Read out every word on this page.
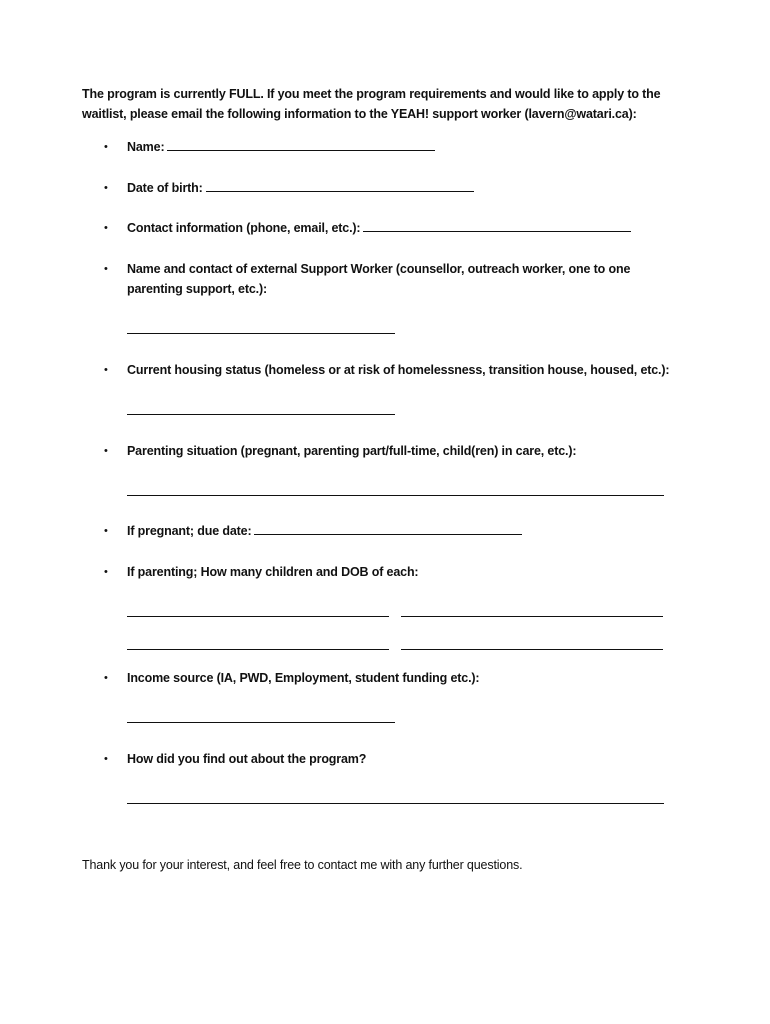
The program is currently FULL. If you meet the program requirements and would like to apply to the waitlist, please email the following information to the YEAH! support worker (lavern@watari.ca):
• Name:
• Date of birth:
• Contact information (phone, email, etc.):
• Name and contact of external Support Worker (counsellor, outreach worker, one to one parenting support, etc.):
• Current housing status (homeless or at risk of homelessness, transition house, housed, etc.):
• Parenting situation (pregnant, parenting part/full-time, child(ren) in care, etc.):
• If pregnant; due date:
• If parenting; How many children and DOB of each:
• Income source (IA, PWD, Employment, student funding etc.):
• How did you find out about the program?
Thank you for your interest, and feel free to contact me with any further questions.
